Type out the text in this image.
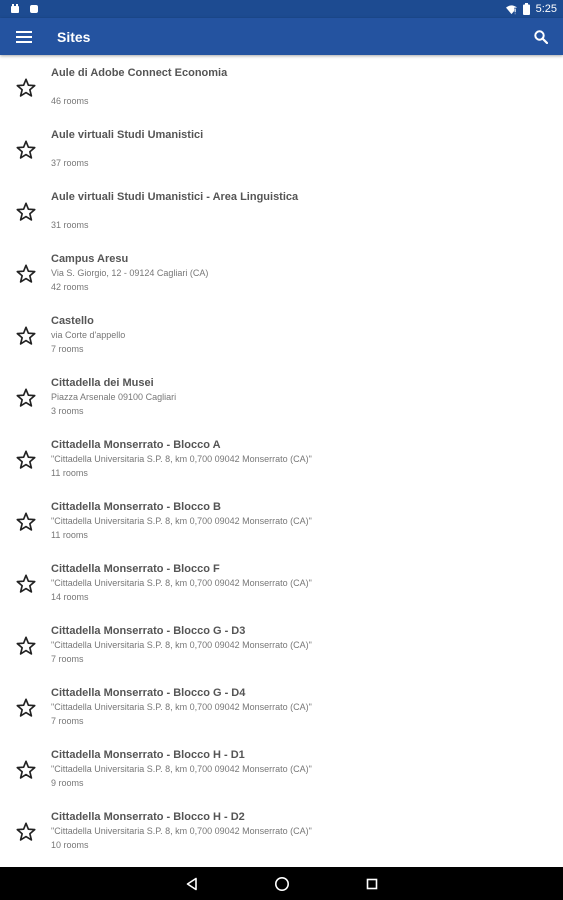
5:25
Sites
Aule di Adobe Connect Economia
46 rooms
Aule virtuali Studi Umanistici
37 rooms
Aule virtuali Studi Umanistici - Area Linguistica
31 rooms
Campus Aresu
Via S. Giorgio, 12 - 09124 Cagliari (CA)
42 rooms
Castello
via Corte d'appello
7 rooms
Cittadella dei Musei
Piazza Arsenale 09100 Cagliari
3 rooms
Cittadella Monserrato - Blocco A
"Cittadella Universitaria S.P. 8, km 0,700 09042 Monserrato (CA)"
11 rooms
Cittadella Monserrato - Blocco B
"Cittadella Universitaria S.P. 8, km 0,700 09042 Monserrato (CA)"
11 rooms
Cittadella Monserrato - Blocco F
"Cittadella Universitaria S.P. 8, km 0,700 09042 Monserrato (CA)"
14 rooms
Cittadella Monserrato - Blocco G - D3
"Cittadella Universitaria S.P. 8, km 0,700 09042 Monserrato (CA)"
7 rooms
Cittadella Monserrato - Blocco G - D4
"Cittadella Universitaria S.P. 8, km 0,700 09042 Monserrato (CA)"
7 rooms
Cittadella Monserrato - Blocco H - D1
"Cittadella Universitaria S.P. 8, km 0,700 09042 Monserrato (CA)"
9 rooms
Cittadella Monserrato - Blocco H - D2
"Cittadella Universitaria S.P. 8, km 0,700 09042 Monserrato (CA)"
10 rooms
